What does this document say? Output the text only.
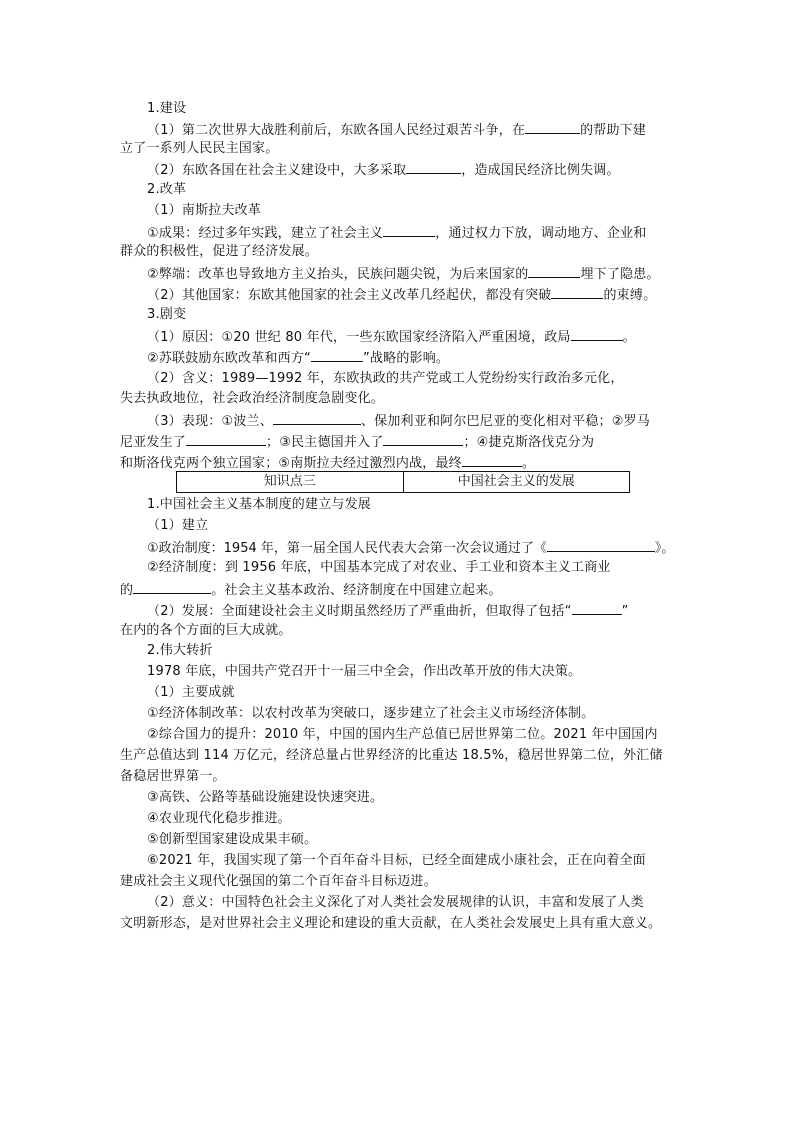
1.建设
（1）第二次世界大战胜利前后，东欧各国人民经过艰苦斗争，在	的帮助下建
立了一系列人民民主国家。
（2）东欧各国在社会主义建设中，大多采取	，造成国民经济比例失调。
2.改革
（1）南斯拉夫改革
①成果：经过多年实践，建立了社会主义	，通过权力下放，调动地方、企业和
群众的积极性，促进了经济发展。
②弊端：改革也导致地方主义抬头，民族问题尖锐，为后来国家的	埋下了隐患。
（2）其他国家：东欧其他国家的社会主义改革几经起伏，都没有突破	的束缚。
3.剧变
（1）原因：①20 世纪 80 年代，一些东欧国家经济陷入严重困境，政局	。
②苏联鼓励东欧改革和西方“	”战略的影响。
（2）含义：1989—1992 年，东欧执政的共产党或工人党纷纷实行政治多元化，
失去执政地位，社会政治经济制度急剧变化。
（3）表现：①波兰、	、保加利亚和阿尔巴尼亚的变化相对平稳；②罗马
尼亚发生了	；③民主德国并入了	；④捷克斯洛伐克分为
和斯洛伐克两个独立国家；⑤南斯拉夫经过激烈内战，最终	。
知识点三	中国社会主义的发展
1.中国社会主义基本制度的建立与发展
（1）建立
①政治制度：1954 年，第一届全国人民代表大会第一次会议通过了《	》。
②经济制度：到 1956 年底，中国基本完成了对农业、手工业和资本主义工商业
的	。社会主义基本政治、经济制度在中国建立起来。
（2）发展：全面建设社会主义时期虽然经历了严重曲折，但取得了包括“	”
在内的各个方面的巨大成就。
2.伟大转折
1978 年底，中国共产党召开十一届三中全会，作出改革开放的伟大决策。
（1）主要成就
①经济体制改革：以农村改革为突破口，逐步建立了社会主义市场经济体制。
②综合国力的提升：2010 年，中国的国内生产总值已居世界第二位。2021 年中国国内
生产总值达到 114 万亿元，经济总量占世界经济的比重达 18.5%，稳居世界第二位，外汇储
备稳居世界第一。
③高铁、公路等基础设施建设快速突进。
④农业现代化稳步推进。
⑤创新型国家建设成果丰硕。
⑥2021 年，我国实现了第一个百年奋斗目标，已经全面建成小康社会，正在向着全面
建成社会主义现代化强国的第二个百年奋斗目标迈进。
（2）意义：中国特色社会主义深化了对人类社会发展规律的认识，丰富和发展了人类
文明新形态，是对世界社会主义理论和建设的重大贡献，在人类社会发展史上具有重大意义。
